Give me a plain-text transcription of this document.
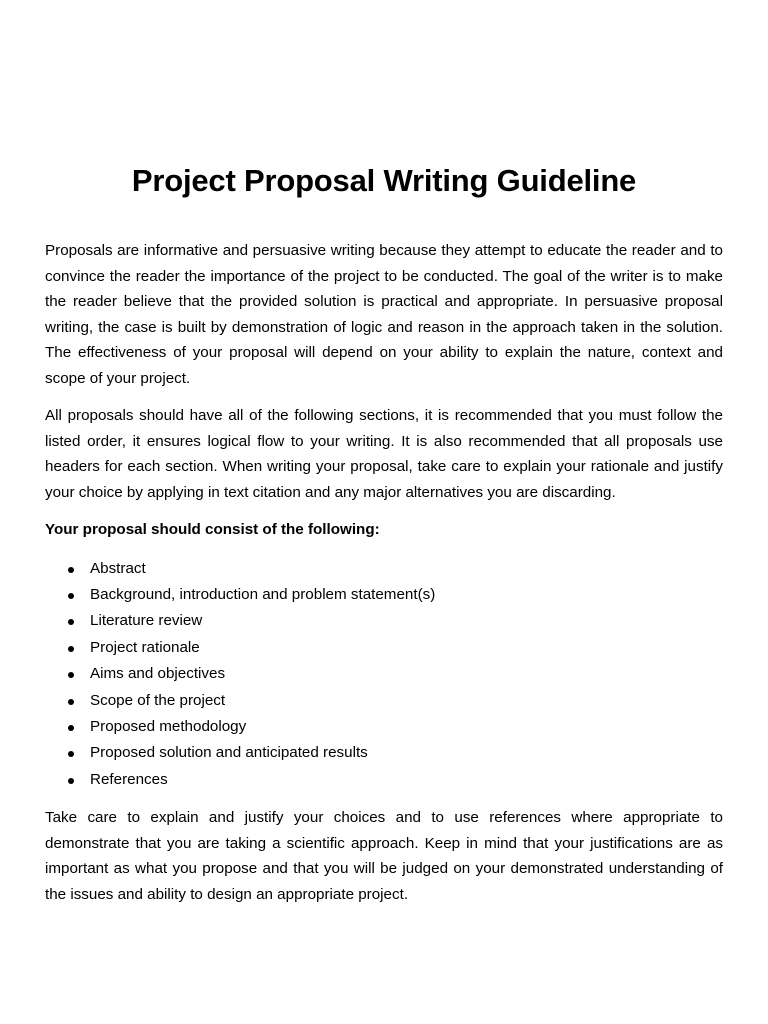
Project Proposal Writing Guideline

Proposals are informative and persuasive writing because they attempt to educate the reader and to convince the reader the importance of the project to be conducted. The goal of the writer is to make the reader believe that the provided solution is practical and appropriate. In persuasive proposal writing, the case is built by demonstration of logic and reason in the approach taken in the solution. The effectiveness of your proposal will depend on your ability to explain the nature, context and scope of your project.

All proposals should have all of the following sections, it is recommended that you must follow the listed order, it ensures logical flow to your writing. It is also recommended that all proposals use headers for each section. When writing your proposal, take care to explain your rationale and justify your choice by applying in text citation and any major alternatives you are discarding.

Your proposal should consist of the following:

Abstract
Background, introduction and problem statement(s)
Literature review
Project rationale
Aims and objectives
Scope of the project
Proposed methodology
Proposed solution and anticipated results
References

Take care to explain and justify your choices and to use references where appropriate to demonstrate that you are taking a scientific approach. Keep in mind that your justifications are as important as what you propose and that you will be judged on your demonstrated understanding of the issues and ability to design an appropriate project.
